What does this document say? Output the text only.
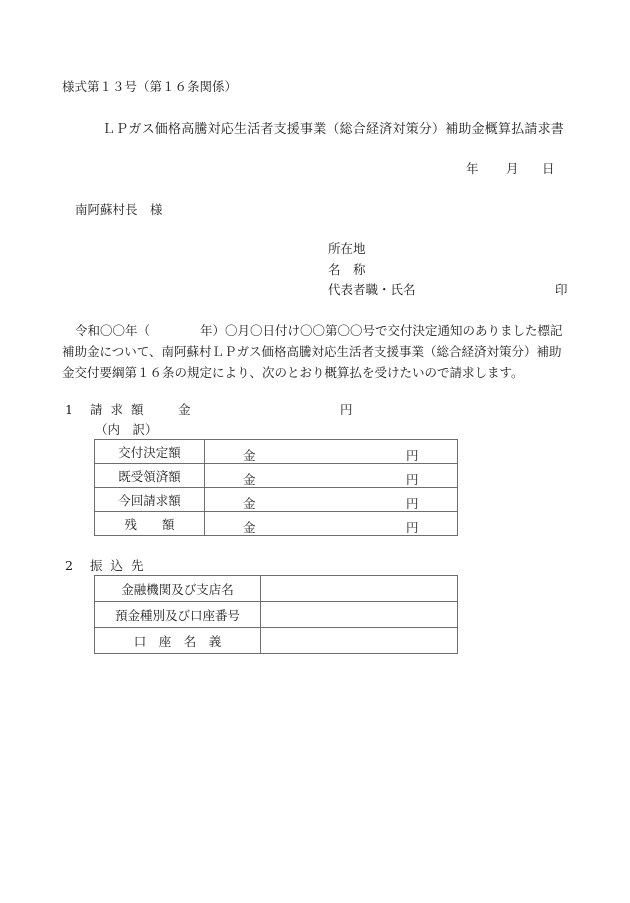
様式第１３号（第１６条関係）
ＬＰガス価格高騰対応生活者支援事業（総合経済対策分）補助金概算払請求書
年 月 日
南阿蘇村長　様
所在地
名　称
代表者職・氏名	印
令和〇〇年（　　　　年）〇月〇日付け〇〇第〇〇号で交付決定通知のありました標記
補助金について、南阿蘇村ＬＰガス価格高騰対応生活者支援事業（総合経済対策分）補助
金交付要綱第１６条の規定により、次のとおり概算払を受けたいので請求します。
1 請求額 金	円
（内　訳）
交付決定額	金 円

既受領済額	金 円

今回請求額	金 円

残　　額	金 円
2 振込先
金融機関及び支店名	
預金種別及び口座番号	
口　座　名　義	
